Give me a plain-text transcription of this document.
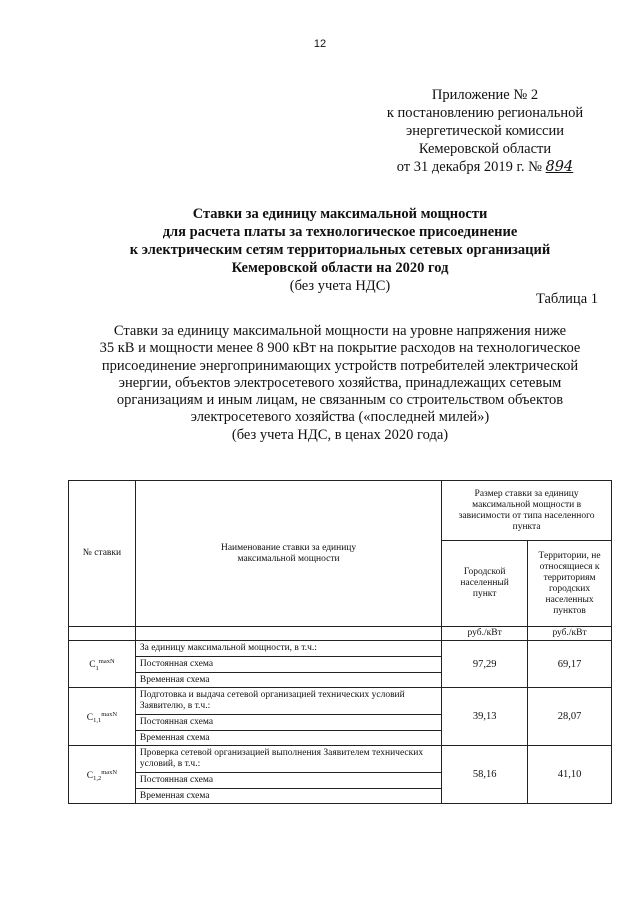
12
Приложение № 2
к постановлению региональной
энергетической комиссии
Кемеровской области
от 31 декабря 2019 г. № 894
Ставки за единицу максимальной мощности
для расчета платы за технологическое присоединение
к электрическим сетям территориальных сетевых организаций
Кемеровской области на 2020 год
(без учета НДС)
Таблица 1
Ставки за единицу максимальной мощности на уровне напряжения ниже
35 кВ и мощности менее 8 900 кВт на покрытие расходов на технологическое
присоединение энергопринимающих устройств потребителей электрической
энергии, объектов электросетевого хозяйства, принадлежащих сетевым
организациям и иным лицам, не связанным со строительством объектов
электросетевого хозяйства («последней милей»)
(без учета НДС, в ценах 2020 года)
№ ставки	Наименование ставки за единицу максимальной мощности	Размер ставки за единицу максимальной мощности в зависимости от типа населенного пункта	
		Городской населенный пункт	Территории, не относящиеся к территориям городских населенных пунктов
		руб./кВт	руб./кВт
$C_1^{maxN}$	За единицу максимальной мощности, в т.ч.:	97,29	69,17
	Постоянная схема		
	Временная схема		
$C_{1,1}^{maxN}$	Подготовка и выдача сетевой организацией технических условий Заявителю, в т.ч.:	39,13	28,07
	Постоянная схема		
	Временная схема		
$C_{1,2}^{maxN}$	Проверка сетевой организацией выполнения Заявителем технических условий, в т.ч.:	58,16	41,10
	Постоянная схема		
	Временная схема		
